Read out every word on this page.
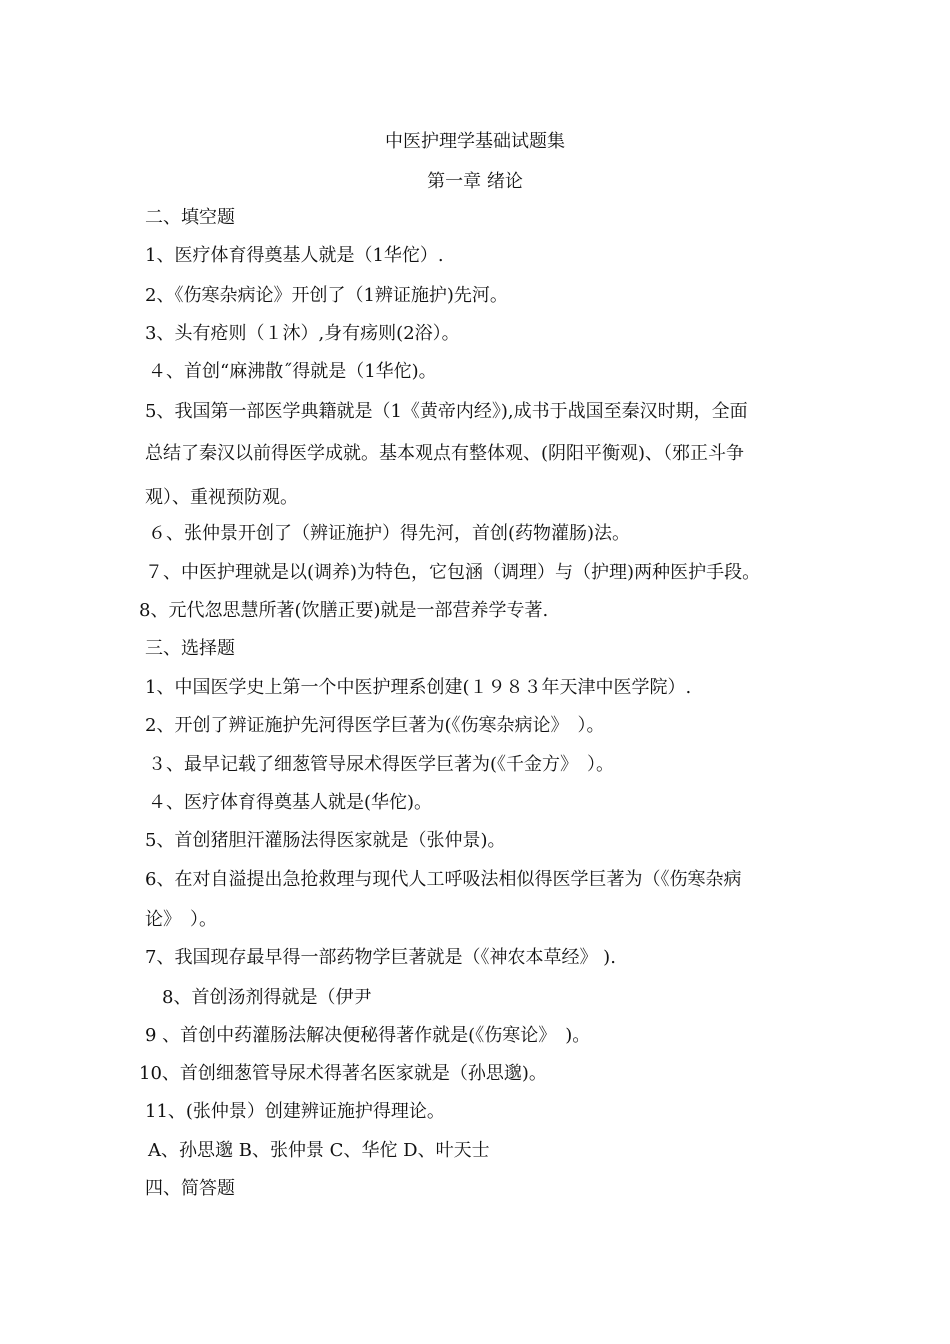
中医护理学基础试题集
第一章 绪论
二、填空题
1、医疗体育得奠基人就是（1华佗）.
2、《伤寒杂病论》开创了（1辨证施护)先河。
3、头有疮则（１沐）,身有疡则(2浴）。
４、首创“麻沸散˝得就是（1华佗)。
5、我国第一部医学典籍就是（1《黄帝内经》),成书于战国至秦汉时期，全面
总结了秦汉以前得医学成就。基本观点有整体观、(阴阳平衡观)、（邪正斗争
观）、重视预防观。
６、张仲景开创了（辨证施护）得先河，首创(药物灌肠)法。
７、中医护理就是以(调养)为特色，它包涵（调理）与（护理)两种医护手段。
8、元代忽思慧所著(饮膳正要)就是一部营养学专著.
三、选择题
1、中国医学史上第一个中医护理系创建(１９８３年天津中医学院）.
2、开创了辨证施护先河得医学巨著为(《伤寒杂病论》　）。
３、最早记载了细葱管导尿术得医学巨著为(《千金方》　）。
４、医疗体育得奠基人就是(华佗)。
5、首创猪胆汗灌肠法得医家就是（张仲景)。
6、在对自溢提出急抢救理与现代人工呼吸法相似得医学巨著为（《伤寒杂病
论》　）。
7、我国现存最早得一部药物学巨著就是（《神农本草经》 ).
8、首创汤剂得就是（伊尹
9 、首创中药灌肠法解决便秘得著作就是(《伤寒论》　)。
10、首创细葱管导尿术得著名医家就是（孙思邈)。
11、(张仲景）创建辨证施护得理论。
A、孙思邈 B、张仲景 C、华佗 D、叶天士
四、简答题
